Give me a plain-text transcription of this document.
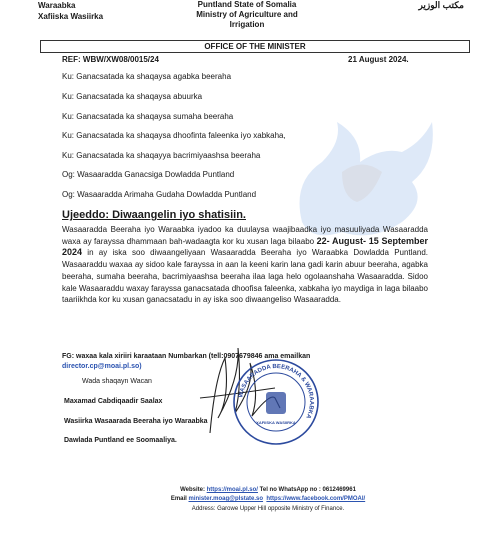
Waraabka
Xafiiska Wasiirka
Puntland State of Somalia
Ministry of Agriculture and
Irrigation
مكتب الوزير
OFFICE OF THE MINISTER
REF: WBW/XW08/0015/24	21 August 2024.
Ku: Ganacsatada ka shaqaysa agabka beeraha
Ku: Ganacsatada ka shaqaysa abuurka
Ku: Ganacsatada ka shaqaysa sumaha beeraha
Ku: Ganacsatada ka shaqaysa dhoofinta faleenka iyo xabkaha,
Ku: Ganacsatada ka shaqayya bacrimiyaashsa beeraha
Og: Wasaaradda Ganacsiga Dowladda Puntland
Og: Wasaaradda Arimaha Gudaha Dowladda Puntland
Ujeeddo: Diwaangelin iyo shatisiin.
Wasaaradda Beeraha iyo Waraabka iyadoo ka duulaysa waajibaadka iyo masuuliyada Wasaaradda waxa ay farayssa dhammaan bah-wadaagta kor ku xusan laga bilaabo 22- August- 15 September 2024 in ay iska soo diwaangeliyaan Wasaaradda Beeraha iyo Waraabka Dowladda Puntland. Wasaaraddu waxaa ay sidoo kale farayssa in aan la keeni karin lana gadi karin abuur beeraha, agabka beeraha, sumaha beeraha, bacrimiyaashsa beeraha ilaa laga helo ogolaanshaha Wasaaradda. Sidoo kale Wasaaraddu waxay farayssa ganacsatada dhoofisa faleenka, xabkaha iyo maydiga in laga bilaabo taariikhda kor ku xusan ganacsatadu in ay iska soo diwaangeliso Wasaaradda.
FG: waxaa kala xiriiri karaataan Numbarkan (tell:0907679846 ama emailkan
director.cp@moai.pl.so)
Wada shaqayn Wacan
Maxamad Cabdiqaadir Saalax
Wasiirka Wasaarada Beeraha iyo Waraabka
Dawlada Puntland ee Soomaaliya.
WASAARADDA BEERAHA & WARAABKA
XAFIISKA WASIIRKA
Website: https://moai.pl.so/ Tel no WhatsApp no : 0612469961
Email minister.moag@plstate.so https://www.facebook.com/PMOAI/
Address: Garowe Upper Hill opposite Ministry of Finance.
